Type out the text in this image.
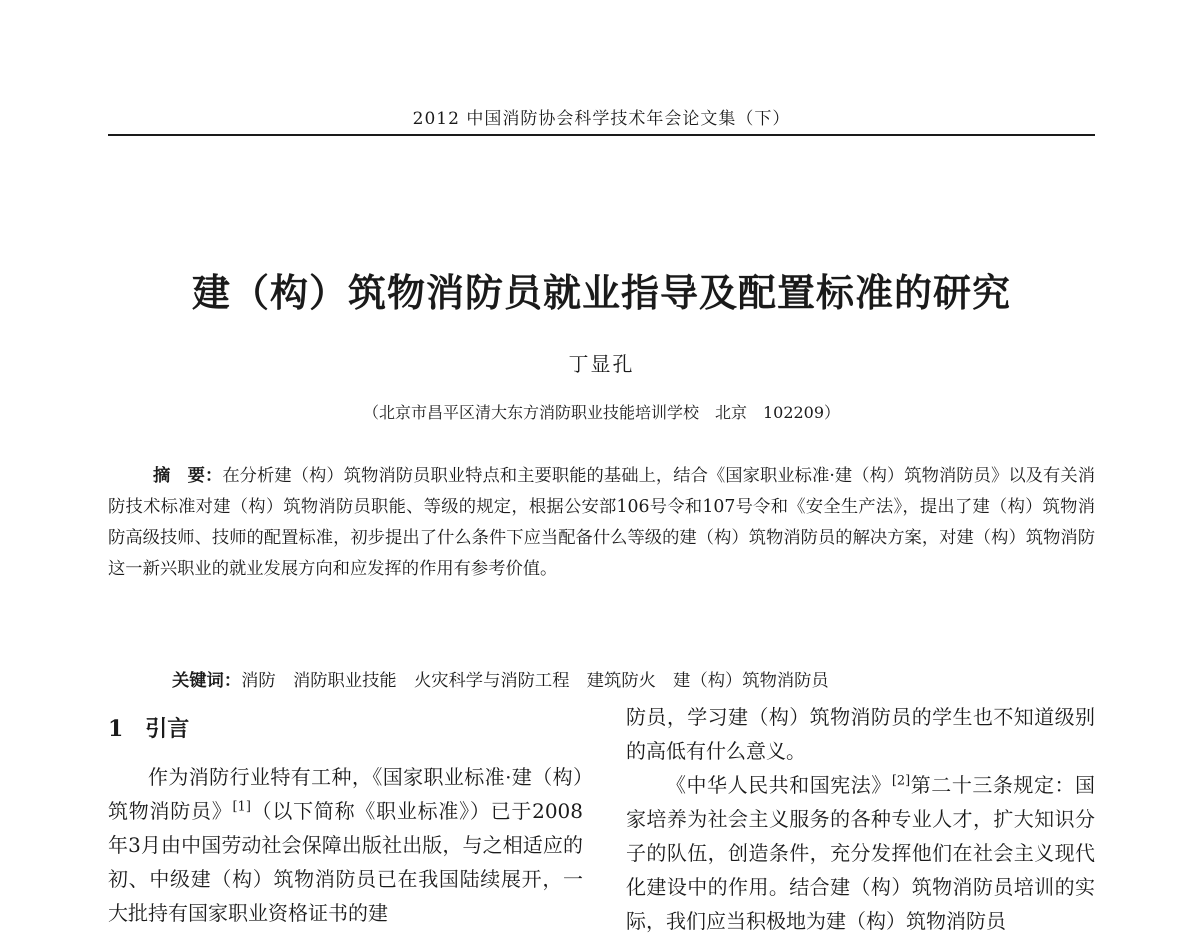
2012 中国消防协会科学技术年会论文集（下）
建（构）筑物消防员就业指导及配置标准的研究
丁显孔
（北京市昌平区清大东方消防职业技能培训学校　北京　102209）
摘　要：在分析建（构）筑物消防员职业特点和主要职能的基础上，结合《国家职业标准·建（构）筑物消防员》以及有关消防技术标准对建（构）筑物消防员职能、等级的规定，根据公安部106号令和107号令和《安全生产法》，提出了建（构）筑物消防高级技师、技师的配置标准，初步提出了什么条件下应当配备什么等级的建（构）筑物消防员的解决方案，对建（构）筑物消防这一新兴职业的就业发展方向和应发挥的作用有参考价值。

关键词：消防　消防职业技能　火灾科学与消防工程　建筑防火　建（构）筑物消防员

1　引言

作为消防行业特有工种，《国家职业标准·建（构）筑物消防员》[1]（以下简称《职业标准》）已于2008年3月由中国劳动社会保障出版社出版，与之相适应的初、中级建（构）筑物消防员已在我国陆续展开，一大批持有国家职业资格证书的建

防员，学习建（构）筑物消防员的学生也不知道级别的高低有什么意义。

《中华人民共和国宪法》[2]第二十三条规定：国家培养为社会主义服务的各种专业人才，扩大知识分子的队伍，创造条件，充分发挥他们在社会主义现代化建设中的作用。结合建（构）筑物消防员培训的实际，我们应当积极地为建（构）筑物消防员
